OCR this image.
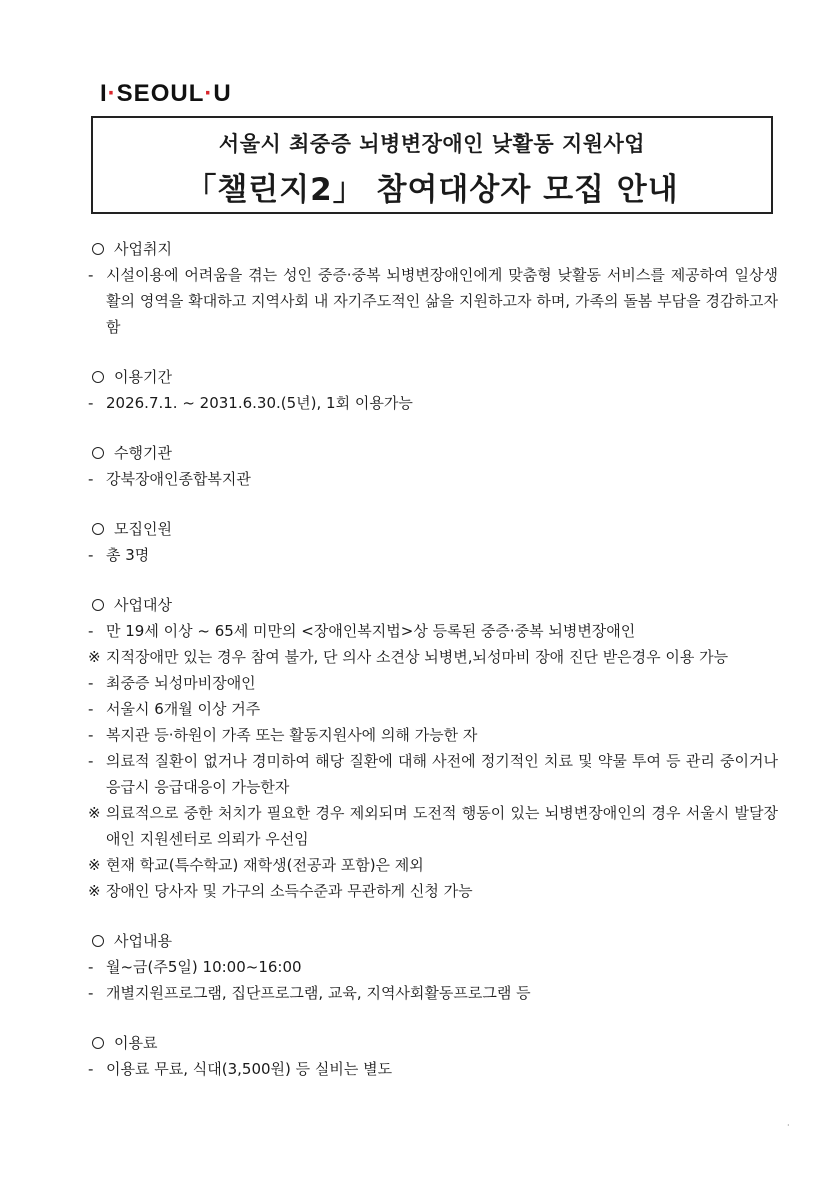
I·SEOUL·U
서울시 최중증 뇌병변장애인 낮활동 지원사업
「챌린지2」 참여대상자 모집 안내
사업취지
- 시설이용에 어려움을 겪는 성인 중증·중복 뇌병변장애인에게 맞춤형 낮활동 서비스를 제공하여 일상생활의 영역을 확대하고 지역사회 내 자기주도적인 삶을 지원하고자 하며, 가족의 돌봄 부담을 경감하고자 함
이용기간
- 2026.7.1. ~ 2031.6.30.(5년), 1회 이용가능
수행기관
- 강북장애인종합복지관
모집인원
- 총 3명
사업대상
- 만 19세 이상 ~ 65세 미만의 <장애인복지법>상 등록된 중증·중복 뇌병변장애인
※ 지적장애만 있는 경우 참여 불가, 단 의사 소견상 뇌병변,뇌성마비 장애 진단 받은경우 이용 가능
- 최중증 뇌성마비장애인
- 서울시 6개월 이상 거주
- 복지관 등·하원이 가족 또는 활동지원사에 의해 가능한 자
- 의료적 질환이 없거나 경미하여 해당 질환에 대해 사전에 정기적인 치료 및 약물 투여 등 관리 중이거나 응급시 응급대응이 가능한자
※ 의료적으로 중한 처치가 필요한 경우 제외되며 도전적 행동이 있는 뇌병변장애인의 경우 서울시 발달장애인 지원센터로 의뢰가 우선임
※ 현재 학교(특수학교) 재학생(전공과 포함)은 제외
※ 장애인 당사자 및 가구의 소득수준과 무관하게 신청 가능
사업내용
- 월~금(주5일) 10:00~16:00
- 개별지원프로그램, 집단프로그램, 교육, 지역사회활동프로그램 등
이용료
- 이용료 무료, 식대(3,500원) 등 실비는 별도
·
